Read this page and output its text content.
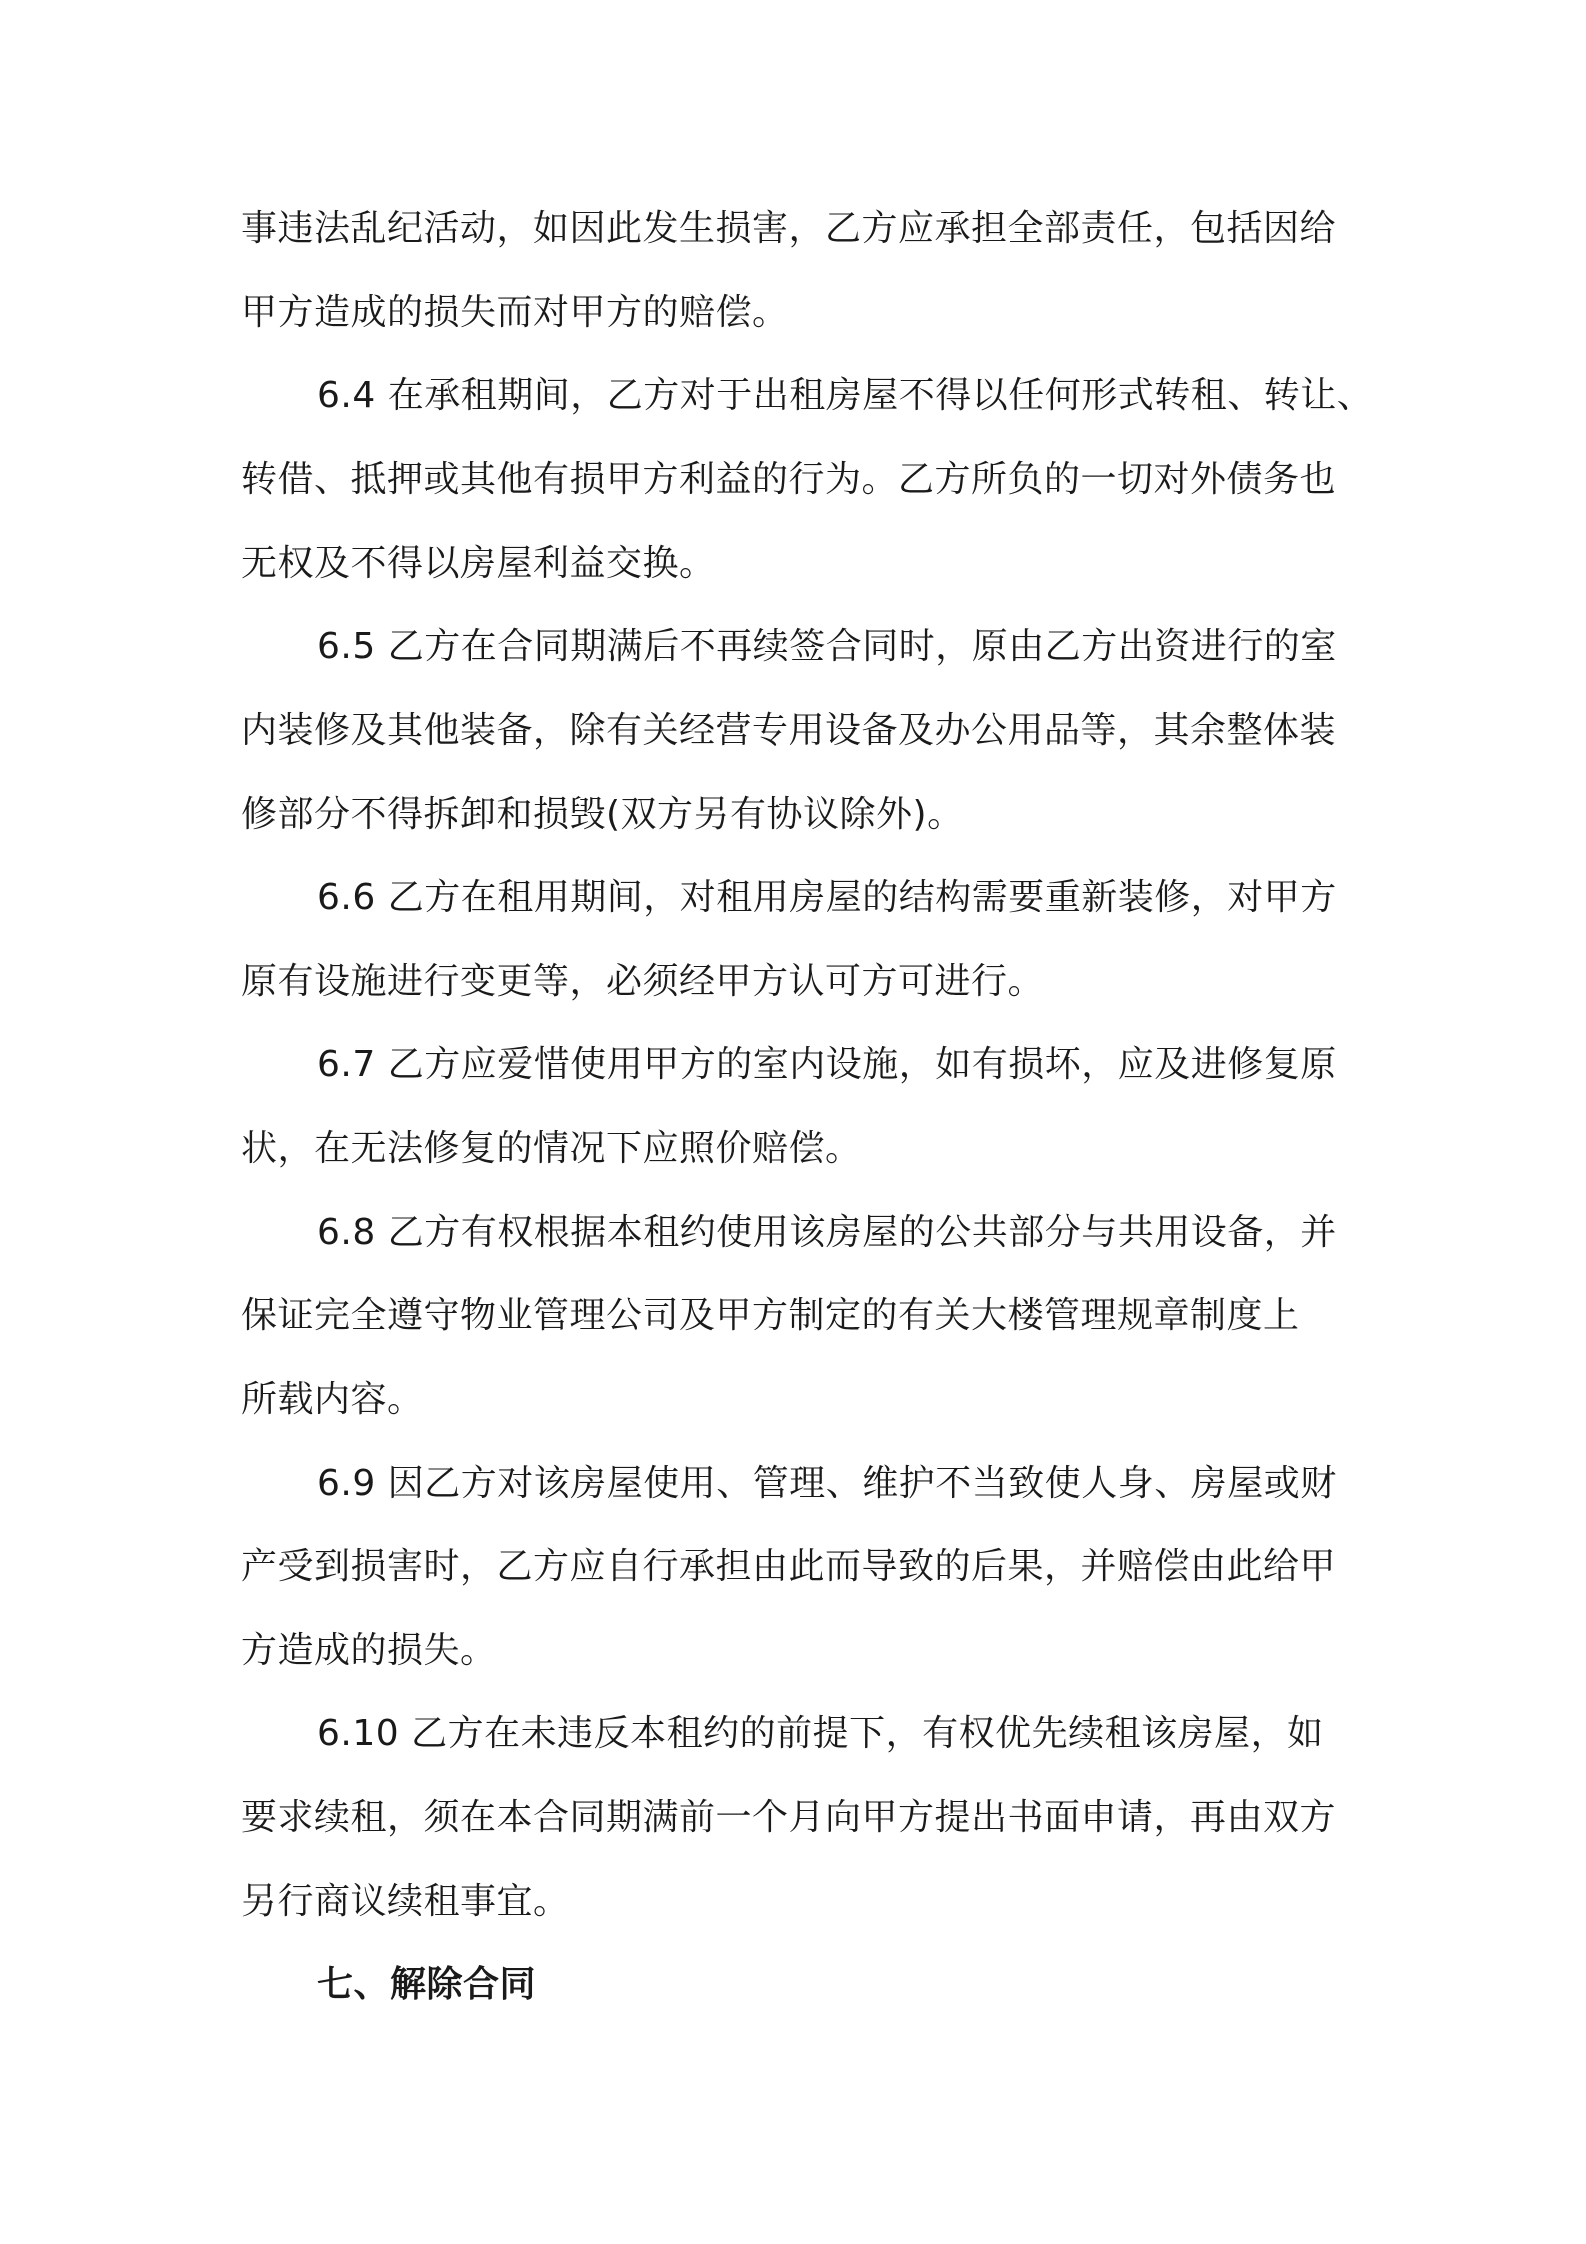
事违法乱纪活动，如因此发生损害，乙方应承担全部责任，包括因给
甲方造成的损失而对甲方的赔偿。
6.4 在承租期间，乙方对于出租房屋不得以任何形式转租、转让、
转借、抵押或其他有损甲方利益的行为。乙方所负的一切对外债务也
无权及不得以房屋利益交换。
6.5 乙方在合同期满后不再续签合同时，原由乙方出资进行的室
内装修及其他装备，除有关经营专用设备及办公用品等，其余整体装
修部分不得拆卸和损毁(双方另有协议除外)。
6.6 乙方在租用期间，对租用房屋的结构需要重新装修，对甲方
原有设施进行变更等，必须经甲方认可方可进行。
6.7 乙方应爱惜使用甲方的室内设施，如有损坏，应及进修复原
状，在无法修复的情况下应照价赔偿。
6.8 乙方有权根据本租约使用该房屋的公共部分与共用设备，并
保证完全遵守物业管理公司及甲方制定的有关大楼管理规章制度上
所载内容。
6.9 因乙方对该房屋使用、管理、维护不当致使人身、房屋或财
产受到损害时，乙方应自行承担由此而导致的后果，并赔偿由此给甲
方造成的损失。
6.10 乙方在未违反本租约的前提下，有权优先续租该房屋，如
要求续租，须在本合同期满前一个月向甲方提出书面申请，再由双方
另行商议续租事宜。
七、解除合同
